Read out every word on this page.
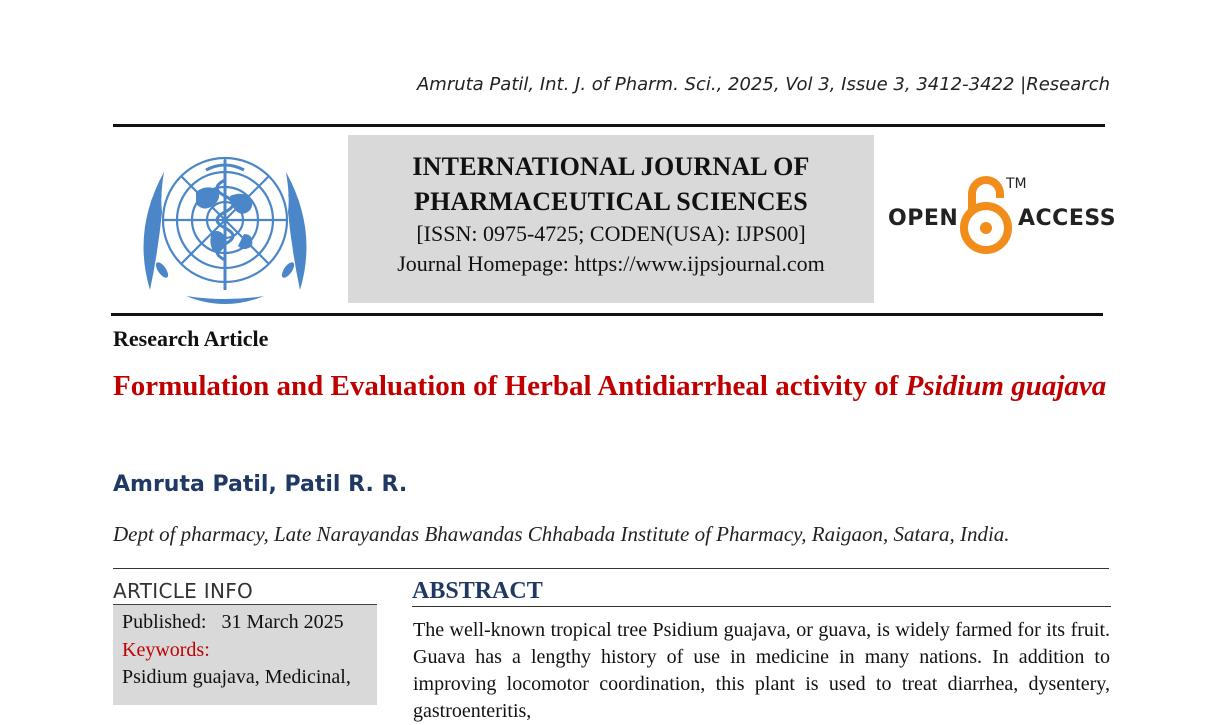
Amruta Patil, Int. J. of Pharm. Sci., 2025, Vol 3, Issue 3, 3412-3422 |Research
INTERNATIONAL JOURNAL OF
PHARMACEUTICAL SCIENCES
[ISSN: 0975-4725; CODEN(USA): IJPS00]
Journal Homepage: https://www.ijpsjournal.com
OPEN
TM
ACCESS
Research Article
Formulation and Evaluation of Herbal Antidiarrheal activity of Psidium guajava
Amruta Patil, Patil R. R.
Dept of pharmacy, Late Narayandas Bhawandas Chhabada Institute of Pharmacy, Raigaon, Satara, India.
ARTICLE INFO
Published:   31 March 2025
Keywords:
Psidium guajava, Medicinal,
ABSTRACT
The well-known tropical tree Psidium guajava, or guava, is widely farmed for its fruit. Guava has a lengthy history of use in medicine in many nations. In addition to improving locomotor coordination, this plant is used to treat diarrhea, dysentery, gastroenteritis,
